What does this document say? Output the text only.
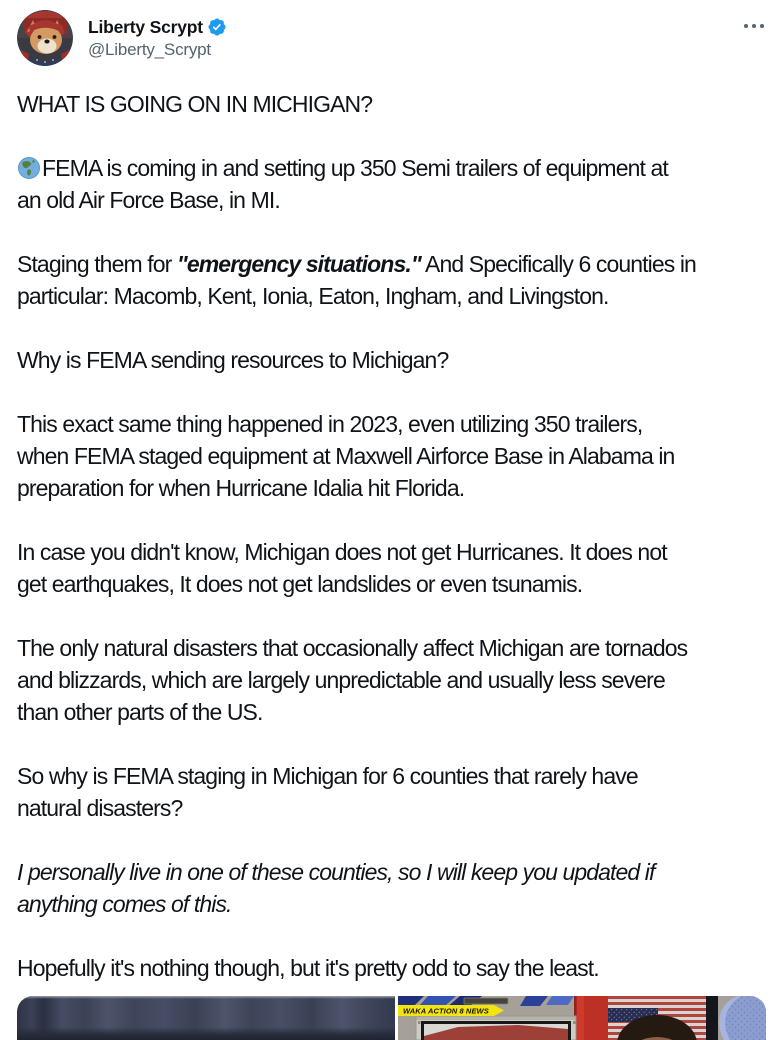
Liberty Scrypt
@Liberty_Scrypt

WHAT IS GOING ON IN MICHIGAN?

FEMA is coming in and setting up 350 Semi trailers of equipment at
an old Air Force Base, in MI.

Staging them for "emergency situations." And Specifically 6 counties in
particular: Macomb, Kent, Ionia, Eaton, Ingham, and Livingston.

Why is FEMA sending resources to Michigan?

This exact same thing happened in 2023, even utilizing 350 trailers,
when FEMA staged equipment at Maxwell Airforce Base in Alabama in
preparation for when Hurricane Idalia hit Florida.

In case you didn't know, Michigan does not get Hurricanes. It does not
get earthquakes, It does not get landslides or even tsunamis.

The only natural disasters that occasionally affect Michigan are tornados
and blizzards, which are largely unpredictable and usually less severe
than other parts of the US.

So why is FEMA staging in Michigan for 6 counties that rarely have
natural disasters?

I personally live in one of these counties, so I will keep you updated if
anything comes of this.

Hopefully it's nothing though, but it's pretty odd to say the least.

WAKA ACTION 8 NEWS
